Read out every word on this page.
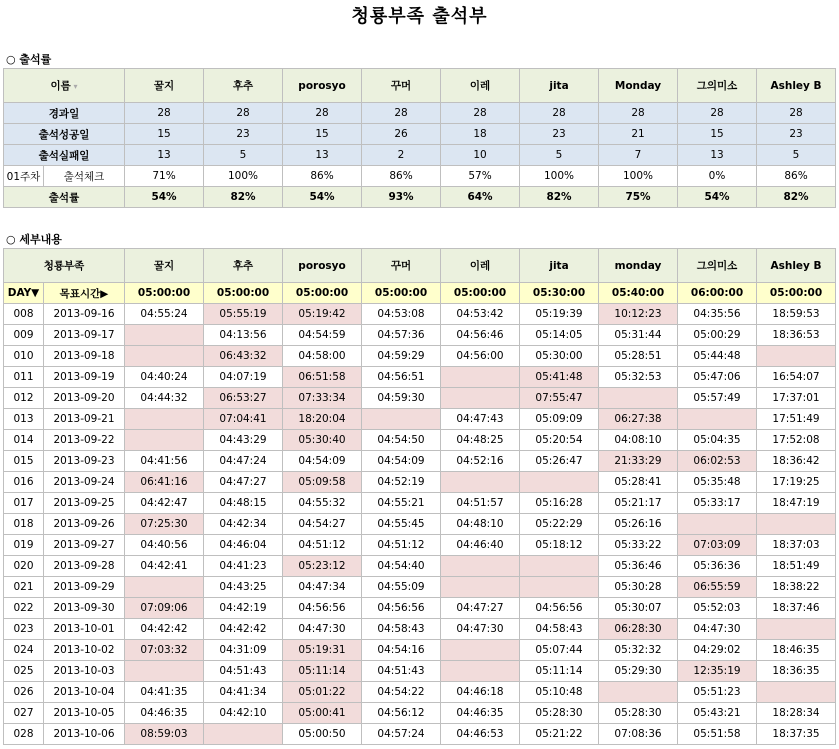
청룡부족 출석부
○ 출석률
이름 ▾		꿀지	후추	porosyo	꾸머	이레	jita	Monday	그의미소	Ashley B
경과일		28	28	28	28	28	28	28	28	28
출석성공일		15	23	15	26	18	23	21	15	23
출석실패일		13	5	13	2	10	5	7	13	5
01주차	출석체크	71%	100%	86%	86%	57%	100%	100%	0%	86%
출석률		54%	82%	54%	93%	64%	82%	75%	54%	82%
○ 세부내용
청룡부족		꿀지	후추	porosyo	꾸머	이레	jita	monday	그의미소	Ashley B
DAY▼	목표시간▶	05:00:00	05:00:00	05:00:00	05:00:00	05:00:00	05:30:00	05:40:00	06:00:00	05:00:00
008	2013-09-16	04:55:24	05:55:19	05:19:42	04:53:08	04:53:42	05:19:39	10:12:23	04:35:56	18:59:53
009	2013-09-17		04:13:56	04:54:59	04:57:36	04:56:46	05:14:05	05:31:44	05:00:29	18:36:53
010	2013-09-18		06:43:32	04:58:00	04:59:29	04:56:00	05:30:00	05:28:51	05:44:48	
011	2013-09-19	04:40:24	04:07:19	06:51:58	04:56:51		05:41:48	05:32:53	05:47:06	16:54:07
012	2013-09-20	04:44:32	06:53:27	07:33:34	04:59:30		07:55:47		05:57:49	17:37:01
013	2013-09-21		07:04:41	18:20:04		04:47:43	05:09:09	06:27:38		17:51:49
014	2013-09-22		04:43:29	05:30:40	04:54:50	04:48:25	05:20:54	04:08:10	05:04:35	17:52:08
015	2013-09-23	04:41:56	04:47:24	04:54:09	04:54:09	04:52:16	05:26:47	21:33:29	06:02:53	18:36:42
016	2013-09-24	06:41:16	04:47:27	05:09:58	04:52:19			05:28:41	05:35:48	17:19:25
017	2013-09-25	04:42:47	04:48:15	04:55:32	04:55:21	04:51:57	05:16:28	05:21:17	05:33:17	18:47:19
018	2013-09-26	07:25:30	04:42:34	04:54:27	04:55:45	04:48:10	05:22:29	05:26:16		
019	2013-09-27	04:40:56	04:46:04	04:51:12	04:51:12	04:46:40	05:18:12	05:33:22	07:03:09	18:37:03
020	2013-09-28	04:42:41	04:41:23	05:23:12	04:54:40			05:36:46	05:36:36	18:51:49
021	2013-09-29		04:43:25	04:47:34	04:55:09			05:30:28	06:55:59	18:38:22
022	2013-09-30	07:09:06	04:42:19	04:56:56	04:56:56	04:47:27	04:56:56	05:30:07	05:52:03	18:37:46
023	2013-10-01	04:42:42	04:42:42	04:47:30	04:58:43	04:47:30	04:58:43	06:28:30	04:47:30	
024	2013-10-02	07:03:32	04:31:09	05:19:31	04:54:16		05:07:44	05:32:32	04:29:02	18:46:35
025	2013-10-03		04:51:43	05:11:14	04:51:43		05:11:14	05:29:30	12:35:19	18:36:35
026	2013-10-04	04:41:35	04:41:34	05:01:22	04:54:22	04:46:18	05:10:48		05:51:23	
027	2013-10-05	04:46:35	04:42:10	05:00:41	04:56:12	04:46:35	05:28:30	05:28:30	05:43:21	18:28:34
028	2013-10-06	08:59:03		05:00:50	04:57:24	04:46:53	05:21:22	07:08:36	05:51:58	18:37:35
